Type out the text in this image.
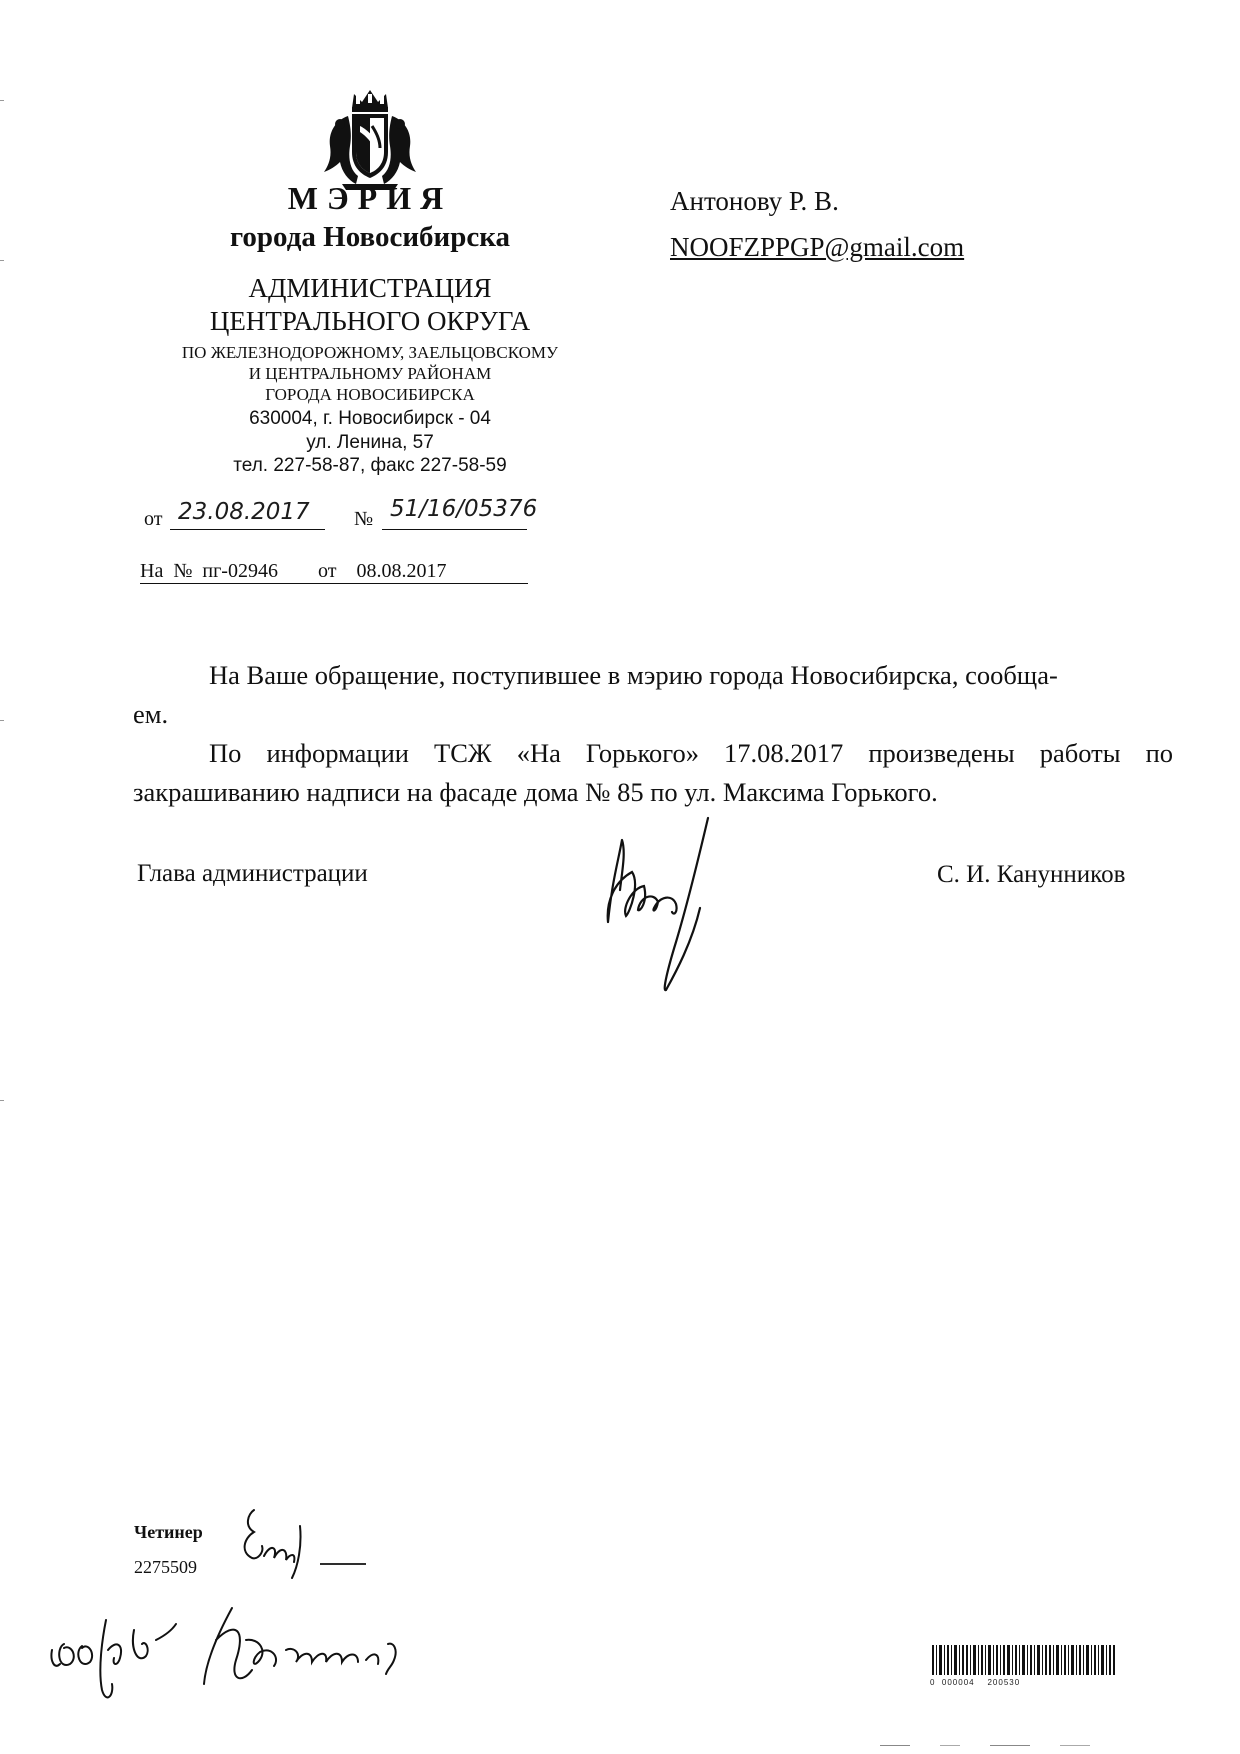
МЭРИЯ
города Новосибирска
АДМИНИСТРАЦИЯ
ЦЕНТРАЛЬНОГО ОКРУГА
ПО ЖЕЛЕЗНОДОРОЖНОМУ, ЗАЕЛЬЦОВСКОМУ
И ЦЕНТРАЛЬНОМУ РАЙОНАМ
ГОРОДА НОВОСИБИРСКА
630004, г. Новосибирск - 04
ул. Ленина, 57
тел. 227-58-87, факс 227-58-59
Антонову Р. В.
NOOFZPPGP@gmail.com
от 23.08.2017 № 51/16/05376
На  №  пг-02946        от    08.08.2017
На Ваше обращение, поступившее в мэрию города Новосибирска, сообща-
ем.
По информации ТСЖ «На Горького» 17.08.2017 произведены работы по
закрашиванию надписи на фасаде дома № 85 по ул. Максима Горького.
Глава администрации	С. И. Канунников
Четинер
2275509
0  000004    200530
